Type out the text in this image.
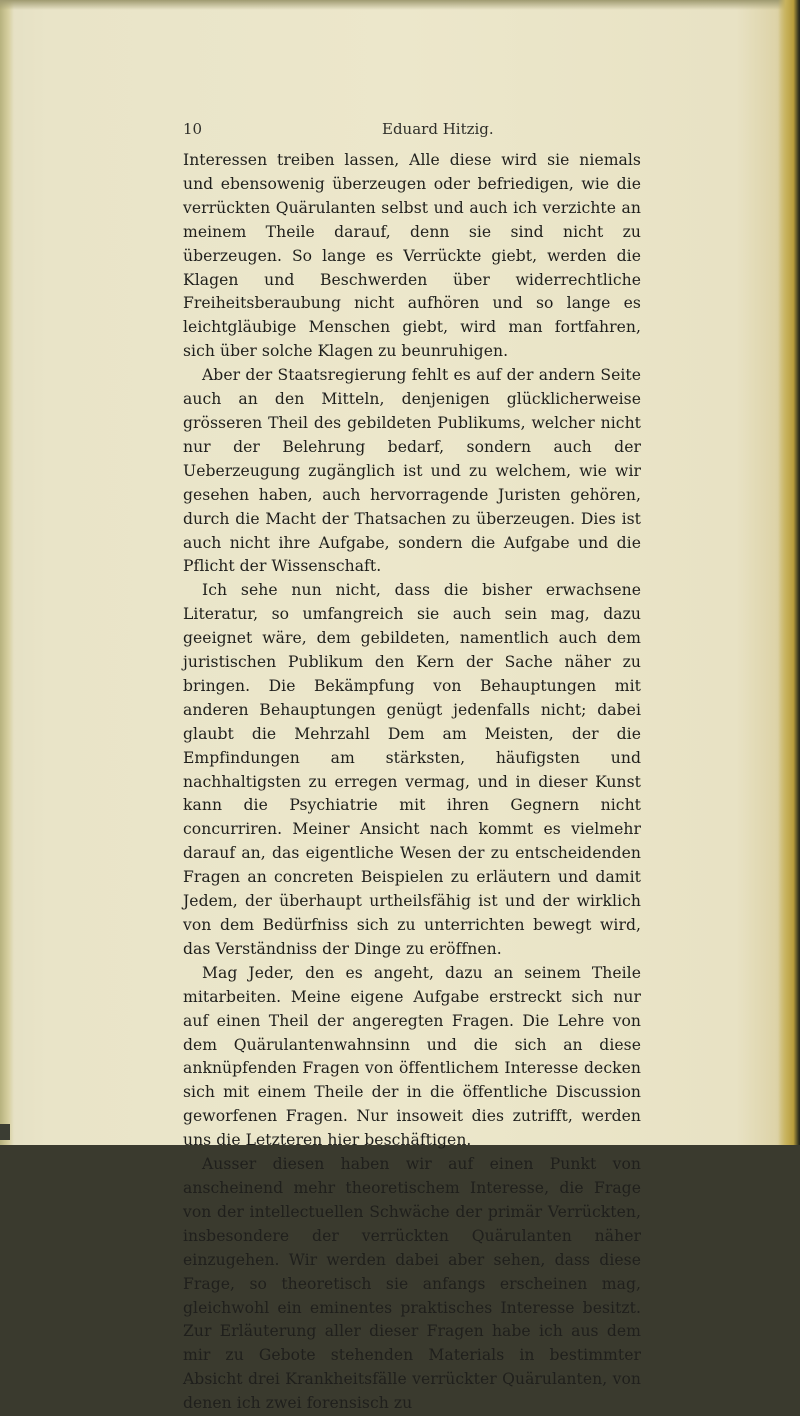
10	Eduard Hitzig.

Interessen treiben lassen, Alle diese wird sie niemals und ebensowenig überzeugen oder befriedigen, wie die verrückten Quärulanten selbst und auch ich verzichte an meinem Theile darauf, denn sie sind nicht zu überzeugen. So lange es Verrückte giebt, werden die Klagen und Beschwerden über widerrechtliche Freiheitsberaubung nicht aufhören und so lange es leichtgläubige Menschen giebt, wird man fortfahren, sich über solche Klagen zu beunruhigen.

Aber der Staatsregierung fehlt es auf der andern Seite auch an den Mitteln, denjenigen glücklicherweise grösseren Theil des gebildeten Publikums, welcher nicht nur der Belehrung bedarf, sondern auch der Ueberzeugung zugänglich ist und zu welchem, wie wir gesehen haben, auch hervorragende Juristen gehören, durch die Macht der Thatsachen zu überzeugen. Dies ist auch nicht ihre Aufgabe, sondern die Aufgabe und die Pflicht der Wissenschaft.

Ich sehe nun nicht, dass die bisher erwachsene Literatur, so umfangreich sie auch sein mag, dazu geeignet wäre, dem gebildeten, namentlich auch dem juristischen Publikum den Kern der Sache näher zu bringen. Die Bekämpfung von Behauptungen mit anderen Behauptungen genügt jedenfalls nicht; dabei glaubt die Mehrzahl Dem am Meisten, der die Empfindungen am stärksten, häufigsten und nachhaltigsten zu erregen vermag, und in dieser Kunst kann die Psychiatrie mit ihren Gegnern nicht concurriren. Meiner Ansicht nach kommt es vielmehr darauf an, das eigentliche Wesen der zu entscheidenden Fragen an concreten Beispielen zu erläutern und damit Jedem, der überhaupt urtheilsfähig ist und der wirklich von dem Bedürfniss sich zu unterrichten bewegt wird, das Verständniss der Dinge zu eröffnen.

Mag Jeder, den es angeht, dazu an seinem Theile mitarbeiten. Meine eigene Aufgabe erstreckt sich nur auf einen Theil der angeregten Fragen. Die Lehre von dem Quärulantenwahnsinn und die sich an diese anknüpfenden Fragen von öffentlichem Interesse decken sich mit einem Theile der in die öffentliche Discussion geworfenen Fragen. Nur insoweit dies zutrifft, werden uns die Letzteren hier beschäftigen.

Ausser diesen haben wir auf einen Punkt von anscheinend mehr theoretischem Interesse, die Frage von der intellectuellen Schwäche der primär Verrückten, insbesondere der verrückten Quärulanten näher einzugehen. Wir werden dabei aber sehen, dass diese Frage, so theoretisch sie anfangs erscheinen mag, gleichwohl ein eminentes praktisches Interesse besitzt. Zur Erläuterung aller dieser Fragen habe ich aus dem mir zu Gebote stehenden Materials in bestimmter Absicht drei Krankheitsfälle verrückter Quärulanten, von denen ich zwei forensisch zu
